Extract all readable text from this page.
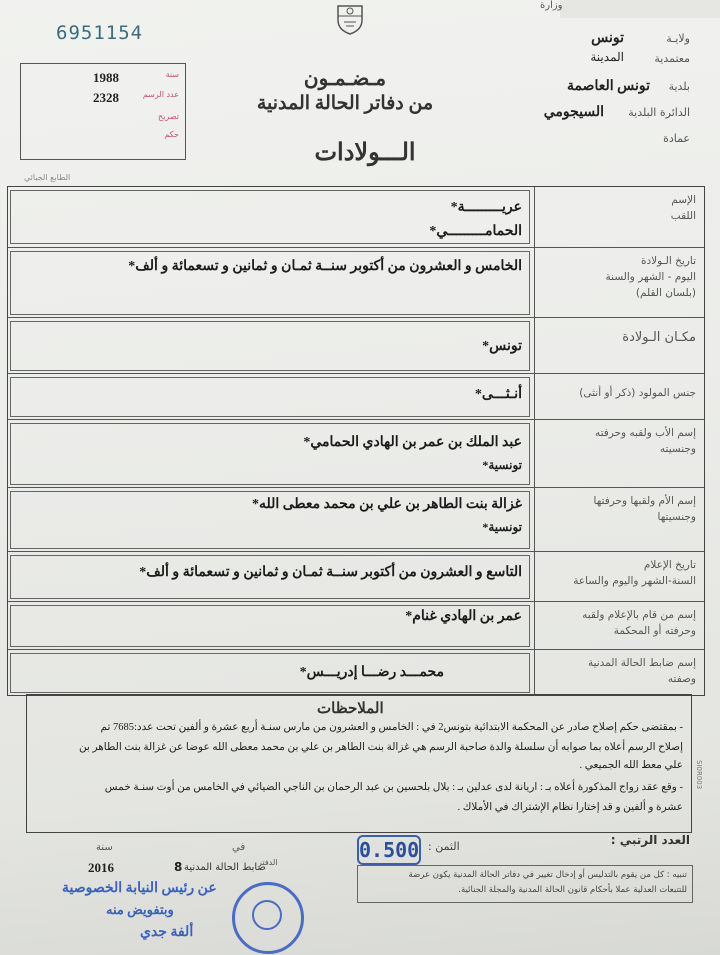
وزارة
6951154
سنة
1988
عدد الرسم
2328
تصريح
حكم
ولايـة
تونس
معتمدية
المدينة
بلدية
تونس العاصمة
الدائرة البلدية
السيجومي
عمادة
مـضـمـون
من دفاتر الحالة المدنية
الـــولادات
الطابع الجبائي
الإسم
اللقب
عريـــــــــة*
الحمامـــــــــي*
تاريخ الـولادة
اليوم - الشهر والسنة
(بلسان القلم)
الخامس و العشرون من أكتوبر سنــة ثمـان و ثمانين و تسعمائة و ألف*
مكـان الـولادة
تونس*
جنس المولود (ذكر أو أنثى)
أنـثـــى*
إسم الأب ولقبه وحرفته
وجنسيته
عبد الملك بن عمر بن الهادي الحمامي*
تونسية*
إسم الأم ولقبها وحرفتها
وجنسيتها
غزالة بنت الطاهر بن علي بن محمد معطى الله*
تونسية*
تاريخ الإعلام
السنة-الشهر واليوم والساعة
التاسع و العشرون من أكتوبر سنــة ثمـان و ثمانين و تسعمائة و ألف*
إسم من قام بالإعلام ولقبه
وحرفته أو المحكمة
عمر بن الهادي غنام*
إسم ضابط الحالة المدنية
وصفته
محمـــد رضـــا إدريـــس*
الملاحظات
- بمقتضى حكم إصلاح صادر عن المحكمة الابتدائية بتونس2 في : الخامس و العشرون من مارس سنـة أربع عشرة و ألفين تحت عدد:7685 تم
إصلاح الرسم أعلاه بما صوابه أن سلسلة والدة صاحبة الرسم هي غزالة بنت الطاهر بن علي بن محمد معطى الله عوضا عن غزالة بنت الطاهر بن
علي معط الله الجميعي .
- وقع عقد زواج المذكورة أعلاه بـ : اريانة لدى عدلين بـ : بلال بلحسين بن عبد الرحمان بن الناجي الضيائي في الخامس من أوت سنـة خمس
عشرة و ألفين و قد إختارا نظام الإشتراك في الأملاك .
SI0R003
سنة
2016
في
8 ضابط الحالة المدنية
الدفتر
0.500 الثمن :	العدد الرتبي :
تنبيه : كل من يقوم بالتدليس أو إدخال تغيير في دفاتر الحالة المدنية يكون عرضة
للتتبعات العدلية عملا بأحكام قانون الحالة المدنية والمجلة الجنائية.
عن رئيس النيابة الخصوصية
وبتفويض منه
ألفة جدي
